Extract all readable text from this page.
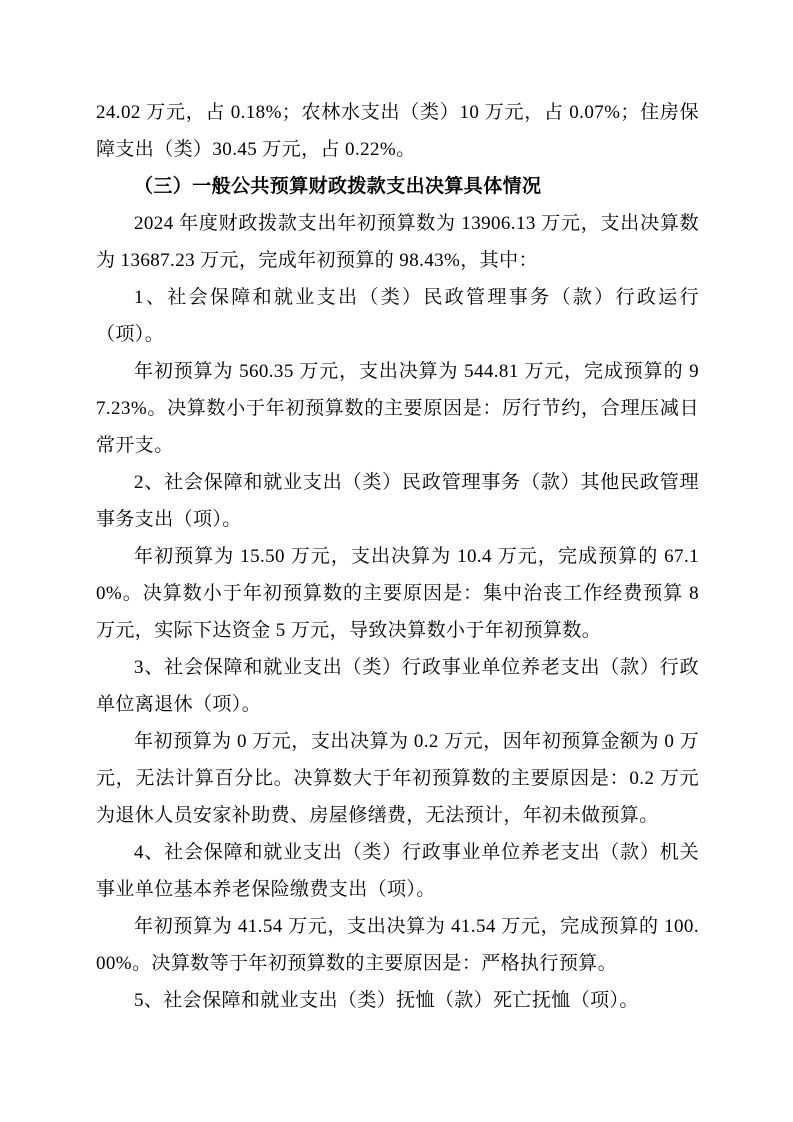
24.02 万元，占 0.18%；农林水支出（类）10 万元，占 0.07%；住房保障支出（类）30.45 万元，占 0.22%。

（三）一般公共预算财政拨款支出决算具体情况

2024 年度财政拨款支出年初预算数为 13906.13 万元，支出决算数为 13687.23 万元，完成年初预算的 98.43%，其中：

1、社会保障和就业支出（类）民政管理事务（款）行政运行（项）。

年初预算为 560.35 万元，支出决算为 544.81 万元，完成预算的 97.23%。决算数小于年初预算数的主要原因是：厉行节约，合理压减日常开支。

2、社会保障和就业支出（类）民政管理事务（款）其他民政管理事务支出（项）。

年初预算为 15.50 万元，支出决算为 10.4 万元，完成预算的 67.10%。决算数小于年初预算数的主要原因是：集中治丧工作经费预算 8 万元，实际下达资金 5 万元，导致决算数小于年初预算数。

3、社会保障和就业支出（类）行政事业单位养老支出（款）行政单位离退休（项）。

年初预算为 0 万元，支出决算为 0.2 万元，因年初预算金额为 0 万元，无法计算百分比。决算数大于年初预算数的主要原因是：0.2 万元为退休人员安家补助费、房屋修缮费，无法预计，年初未做预算。

4、社会保障和就业支出（类）行政事业单位养老支出（款）机关事业单位基本养老保险缴费支出（项）。

年初预算为 41.54 万元，支出决算为 41.54 万元，完成预算的 100.00%。决算数等于年初预算数的主要原因是：严格执行预算。

5、社会保障和就业支出（类）抚恤（款）死亡抚恤（项）。
